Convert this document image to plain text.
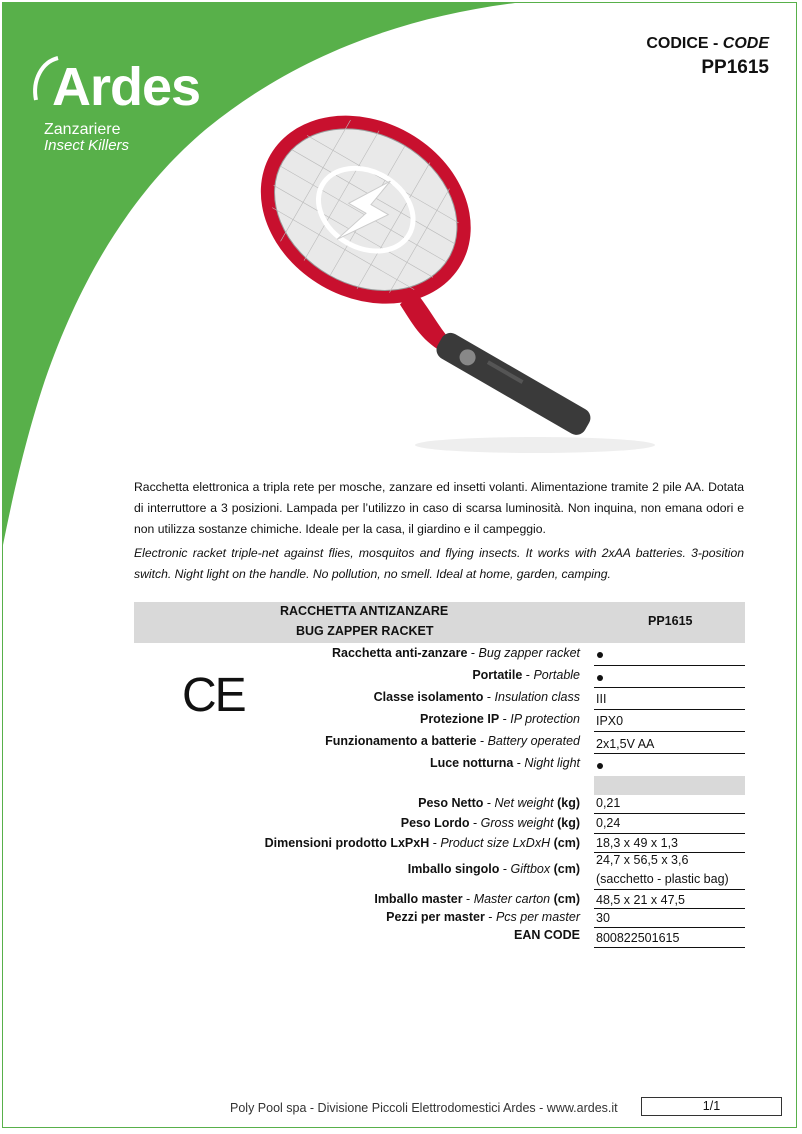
Ardes
Zanzariere
Insect Killers
CODICE - CODE
PP1615
Racchetta elettronica a tripla rete per mosche, zanzare ed insetti volanti. Alimentazione tramite 2 pile AA. Dotata di interruttore a 3 posizioni. Lampada per l’utilizzo in caso di scarsa luminosità. Non inquina, non emana odori e non utilizza sostanze chimiche. Ideale per la casa, il giardino e il campeggio.
Electronic racket triple-net against flies, mosquitos and flying insects. It works with 2xAA batteries. 3-position switch. Night light on the handle. No pollution, no smell. Ideal at home, garden, camping.
RACCHETTA ANTIZANZARE
BUG ZAPPER RACKET
PP1615
CE
Racchetta anti-zanzare - Bug zapper racket
Portatile - Portable
Classe isolamento - Insulation class III
Protezione IP - IP protection IPX0
Funzionamento a batterie - Battery operated 2x1,5V AA
Luce notturna - Night light
Peso Netto - Net weight (kg) 0,21
Peso Lordo - Gross weight (kg) 0,24
Dimensioni prodotto LxPxH - Product size LxDxH (cm) 18,3 x 49 x 1,3
Imballo singolo - Giftbox (cm)
24,7 x 56,5 x 3,6
(sacchetto - plastic bag)
Imballo master - Master carton (cm) 48,5 x 21 x 47,5
Pezzi per master - Pcs per master 30
EAN CODE 800822501615
Poly Pool spa - Divisione Piccoli Elettrodomestici Ardes - www.ardes.it	1/1
